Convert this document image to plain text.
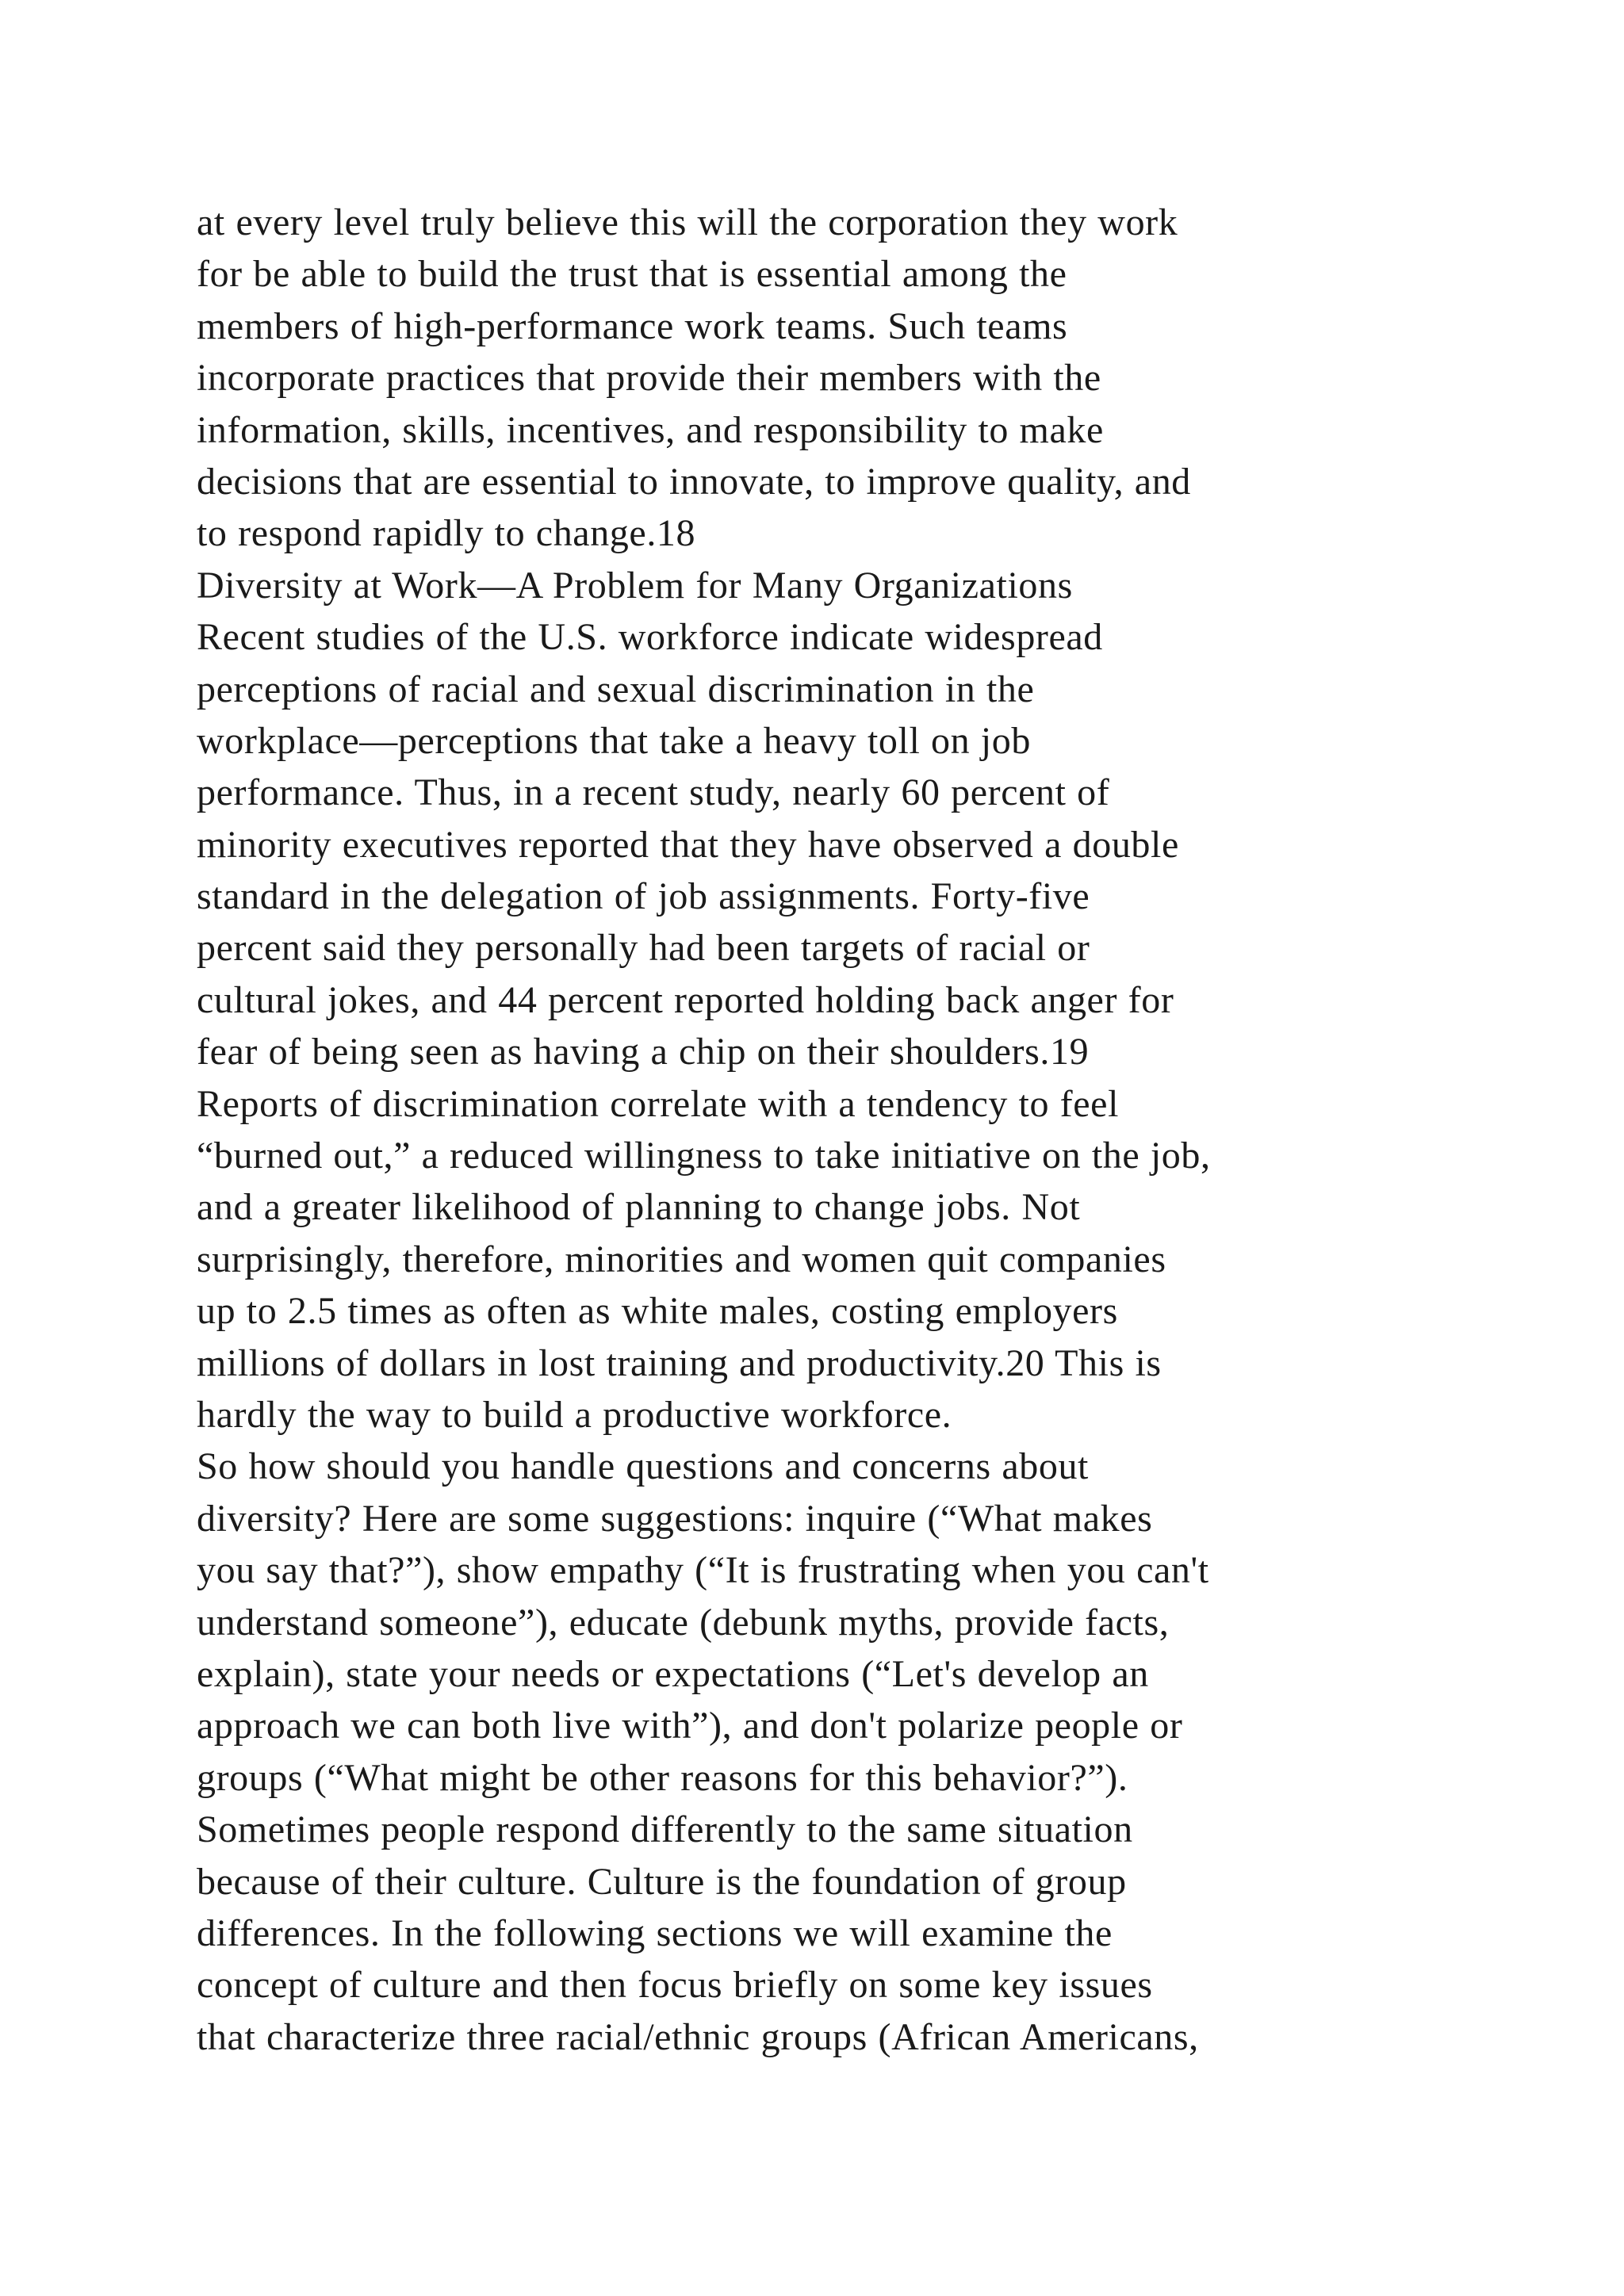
at every level truly believe this will the corporation they work
for be able to build the trust that is essential among the
members of high-performance work teams. Such teams
incorporate practices that provide their members with the
information, skills, incentives, and responsibility to make
decisions that are essential to innovate, to improve quality, and
to respond rapidly to change.18
Diversity at Work—A Problem for Many Organizations
Recent studies of the U.S. workforce indicate widespread
perceptions of racial and sexual discrimination in the
workplace—perceptions that take a heavy toll on job
performance. Thus, in a recent study, nearly 60 percent of
minority executives reported that they have observed a double
standard in the delegation of job assignments. Forty-five
percent said they personally had been targets of racial or
cultural jokes, and 44 percent reported holding back anger for
fear of being seen as having a chip on their shoulders.19
Reports of discrimination correlate with a tendency to feel
“burned out,” a reduced willingness to take initiative on the job,
and a greater likelihood of planning to change jobs. Not
surprisingly, therefore, minorities and women quit companies
up to 2.5 times as often as white males, costing employers
millions of dollars in lost training and productivity.20 This is
hardly the way to build a productive workforce.
So how should you handle questions and concerns about
diversity? Here are some suggestions: inquire (“What makes
you say that?”), show empathy (“It is frustrating when you can't
understand someone”), educate (debunk myths, provide facts,
explain), state your needs or expectations (“Let's develop an
approach we can both live with”), and don't polarize people or
groups (“What might be other reasons for this behavior?”).
Sometimes people respond differently to the same situation
because of their culture. Culture is the foundation of group
differences. In the following sections we will examine the
concept of culture and then focus briefly on some key issues
that characterize three racial/ethnic groups (African Americans,
